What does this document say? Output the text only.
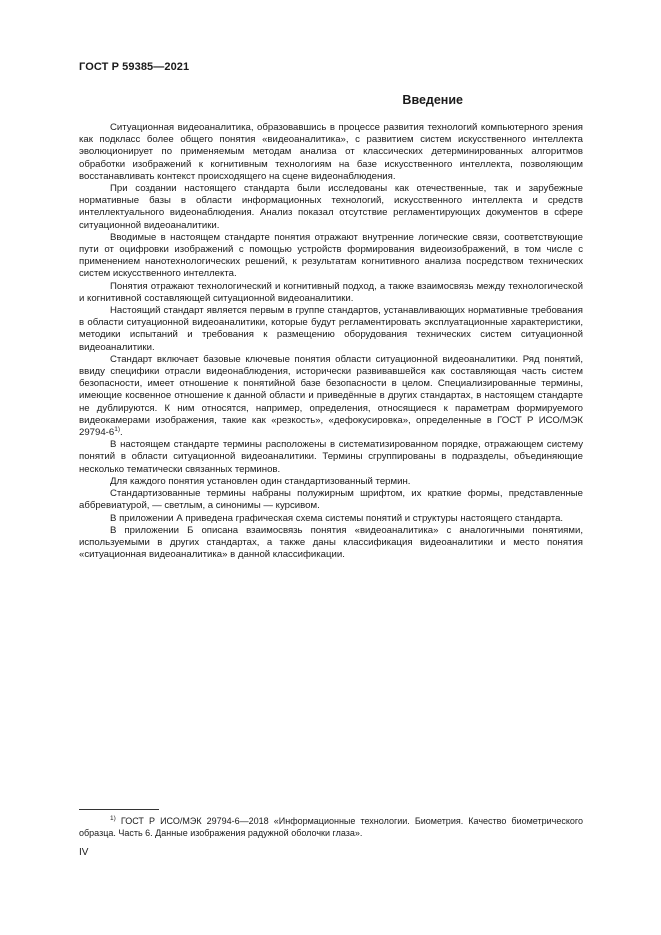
ГОСТ Р 59385—2021
Введение

Ситуационная видеоаналитика, образовавшись в процессе развития технологий компьютерного зрения как подкласс более общего понятия «видеоаналитика», с развитием систем искусственного интеллекта эволюционирует по применяемым методам анализа от классических детерминированных алгоритмов обработки изображений к когнитивным технологиям на базе искусственного интеллекта, позволяющим восстанавливать контекст происходящего на сцене видеонаблюдения.

При создании настоящего стандарта были исследованы как отечественные, так и зарубежные нормативные базы в области информационных технологий, искусственного интеллекта и средств интеллектуального видеонаблюдения. Анализ показал отсутствие регламентирующих документов в сфере ситуационной видеоаналитики.

Вводимые в настоящем стандарте понятия отражают внутренние логические связи, соответствующие пути от оцифровки изображений с помощью устройств формирования видеоизображений, в том числе с применением нанотехнологических решений, к результатам когнитивного анализа посредством технических систем искусственного интеллекта.

Понятия отражают технологический и когнитивный подход, а также взаимосвязь между технологической и когнитивной составляющей ситуационной видеоаналитики.

Настоящий стандарт является первым в группе стандартов, устанавливающих нормативные требования в области ситуационной видеоаналитики, которые будут регламентировать эксплуатационные характеристики, методики испытаний и требования к размещению оборудования технических систем ситуационной видеоаналитики.

Стандарт включает базовые ключевые понятия области ситуационной видеоаналитики. Ряд понятий, ввиду специфики отрасли видеонаблюдения, исторически развивавшейся как составляющая часть систем безопасности, имеет отношение к понятийной базе безопасности в целом. Специализированные термины, имеющие косвенное отношение к данной области и приведённые в других стандартах, в настоящем стандарте не дублируются. К ним относятся, например, определения, относящиеся к параметрам формируемого видеокамерами изображения, такие как «резкость», «дефокусировка», определенные в ГОСТ Р ИСО/МЭК 29794-6$^{1)}$.

В настоящем стандарте термины расположены в систематизированном порядке, отражающем систему понятий в области ситуационной видеоаналитики. Термины сгруппированы в подразделы, объединяющие несколько тематически связанных терминов.

Для каждого понятия установлен один стандартизованный термин.

Стандартизованные термины набраны полужирным шрифтом, их краткие формы, представленные аббревиатурой, — светлым, а синонимы — курсивом.

В приложении А приведена графическая схема системы понятий и структуры настоящего стандарта.

В приложении Б описана взаимосвязь понятия «видеоаналитика» с аналогичными понятиями, используемыми в других стандартах, а также даны классификация видеоаналитики и место понятия «ситуационная видеоаналитика» в данной классификации.

$^{1)}$ ГОСТ Р ИСО/МЭК 29794-6—2018 «Информационные технологии. Биометрия. Качество биометрического образца. Часть 6. Данные изображения радужной оболочки глаза».
IV
